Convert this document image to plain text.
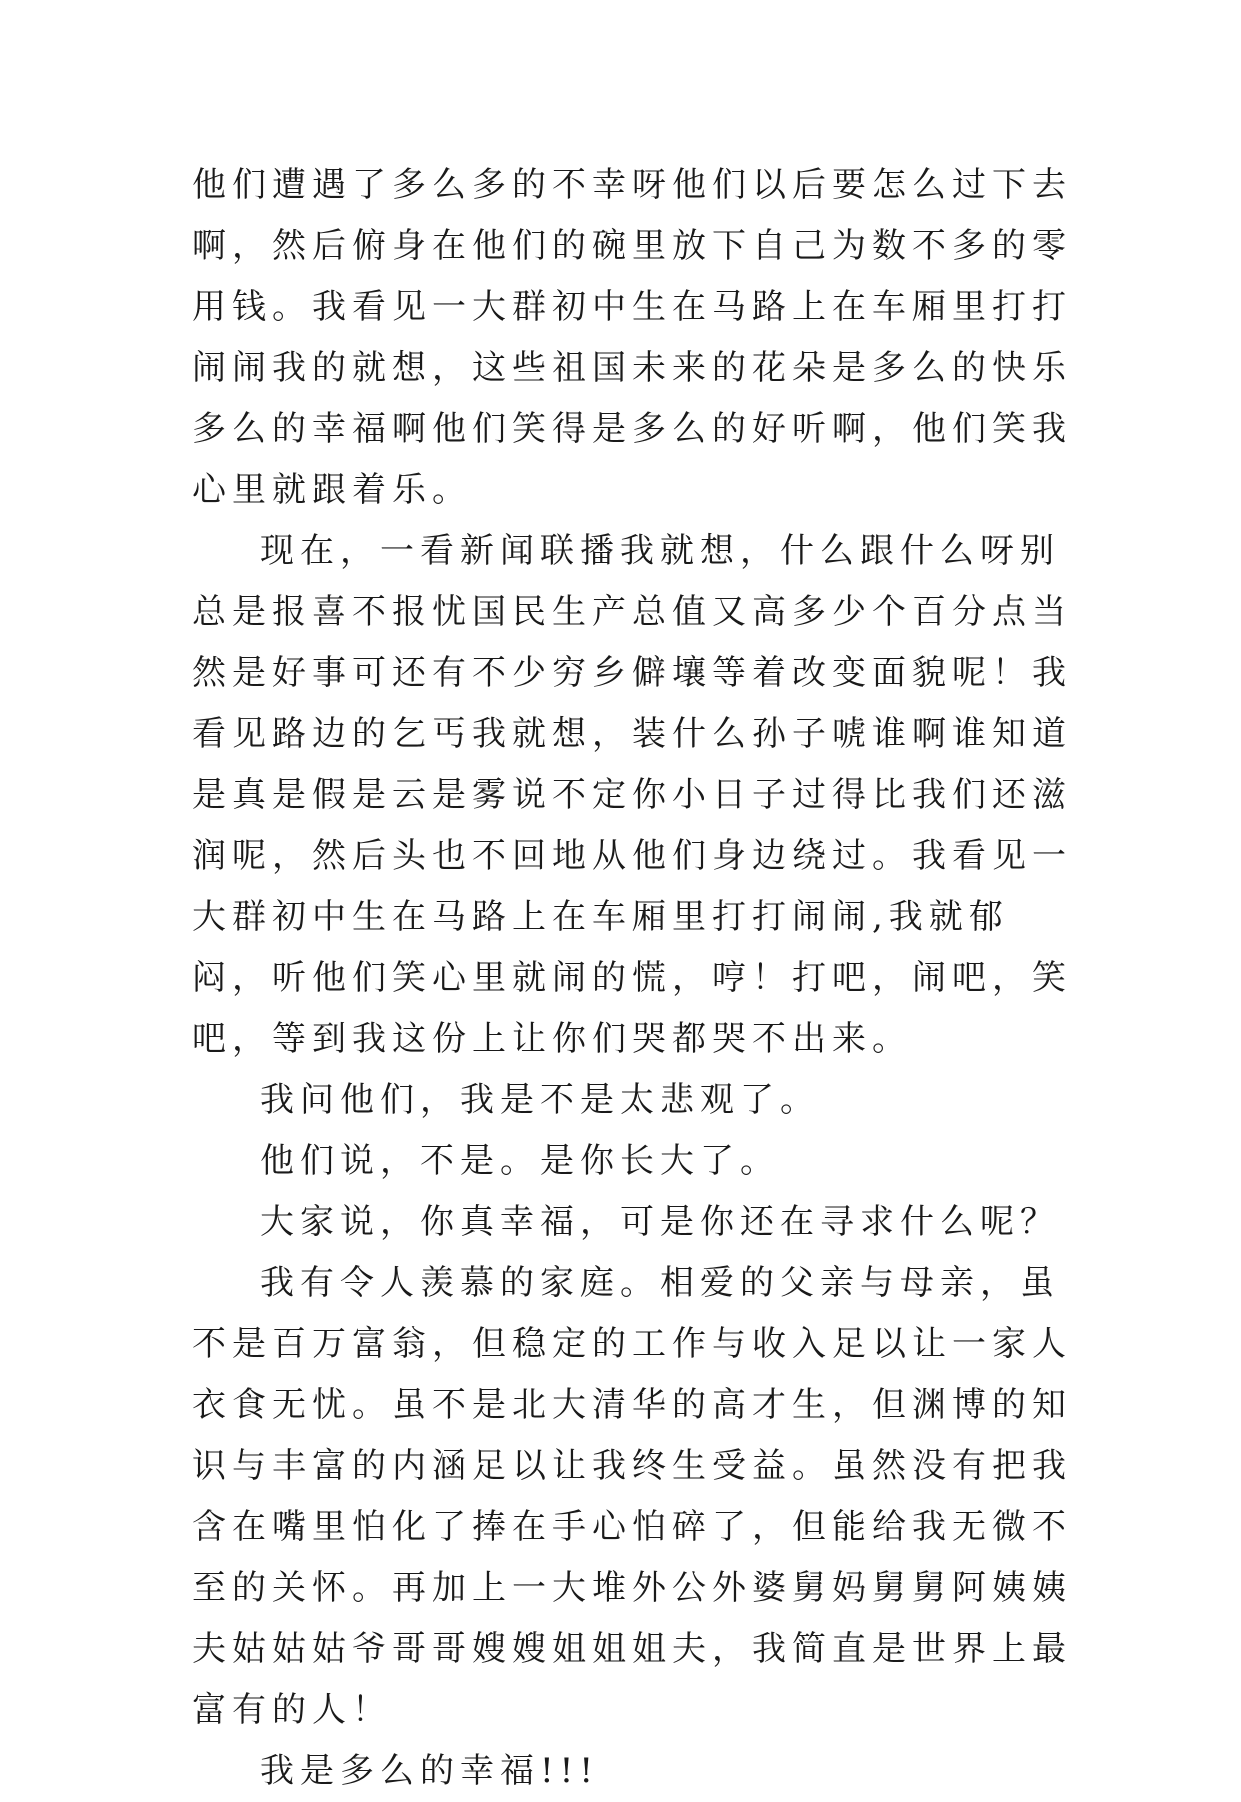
他们遭遇了多么多的不幸呀他们以后要怎么过下去啊，然后俯身在他们的碗里放下自己为数不多的零用钱。我看见一大群初中生在马路上在车厢里打打闹闹我的就想，这些祖国未来的花朵是多么的快乐多么的幸福啊他们笑得是多么的好听啊，他们笑我心里就跟着乐。

现在，一看新闻联播我就想，什么跟什么呀别总是报喜不报忧国民生产总值又高多少个百分点当然是好事可还有不少穷乡僻壤等着改变面貌呢！我看见路边的乞丐我就想，装什么孙子唬谁啊谁知道是真是假是云是雾说不定你小日子过得比我们还滋润呢，然后头也不回地从他们身边绕过。我看见一大群初中生在马路上在车厢里打打闹闹,我就郁闷，听他们笑心里就闹的慌，哼！打吧，闹吧，笑吧，等到我这份上让你们哭都哭不出来。

我问他们，我是不是太悲观了。

他们说，不是。是你长大了。

大家说，你真幸福，可是你还在寻求什么呢？

我有令人羡慕的家庭。相爱的父亲与母亲，虽不是百万富翁，但稳定的工作与收入足以让一家人衣食无忧。虽不是北大清华的高才生，但渊博的知识与丰富的内涵足以让我终生受益。虽然没有把我含在嘴里怕化了捧在手心怕碎了，但能给我无微不至的关怀。再加上一大堆外公外婆舅妈舅舅阿姨姨夫姑姑姑爷哥哥嫂嫂姐姐姐夫，我简直是世界上最富有的人！

我是多么的幸福!!!
